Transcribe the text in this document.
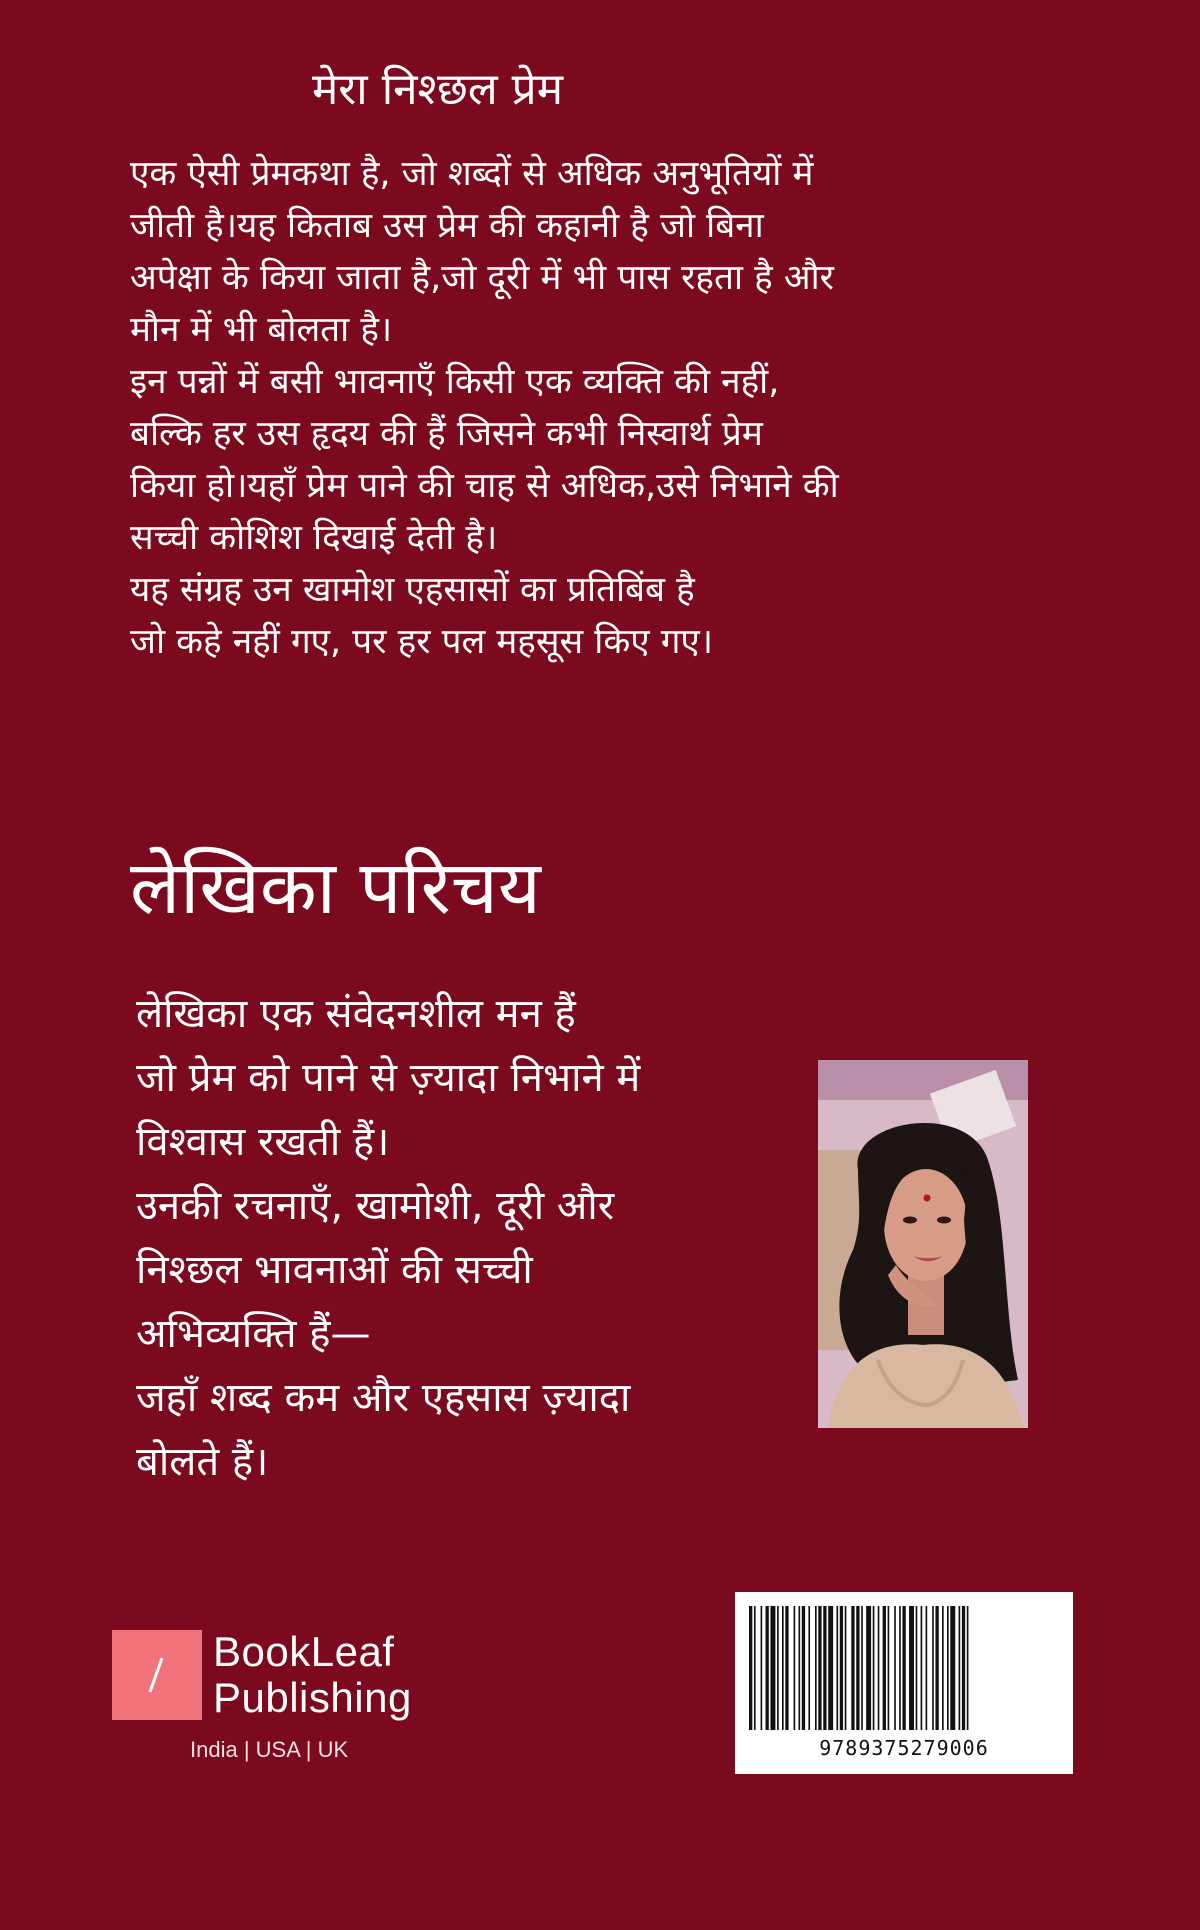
मेरा निश्छल प्रेम
एक ऐसी प्रेमकथा है, जो शब्दों से अधिक अनुभूतियों में
जीती है।यह किताब उस प्रेम की कहानी है जो बिना
अपेक्षा के किया जाता है,जो दूरी में भी पास रहता है और
मौन में भी बोलता है।
इन पन्नों में बसी भावनाएँ किसी एक व्यक्ति की नहीं,
बल्कि हर उस हृदय की हैं जिसने कभी निस्वार्थ प्रेम
किया हो।यहाँ प्रेम पाने की चाह से अधिक,उसे निभाने की
सच्ची कोशिश दिखाई देती है।
यह संग्रह उन खामोश एहसासों का प्रतिबिंब है
जो कहे नहीं गए, पर हर पल महसूस किए गए।
लेखिका परिचय
लेखिका एक संवेदनशील मन हैं
जो प्रेम को पाने से ज़्यादा निभाने में
विश्वास रखती हैं।
उनकी रचनाएँ, खामोशी, दूरी और
निश्छल भावनाओं की सच्ची
अभिव्यक्ति हैं—
जहाँ शब्द कम और एहसास ज़्यादा
बोलते हैं।
BookLeaf
Publishing
India | USA | UK	9789375279006
